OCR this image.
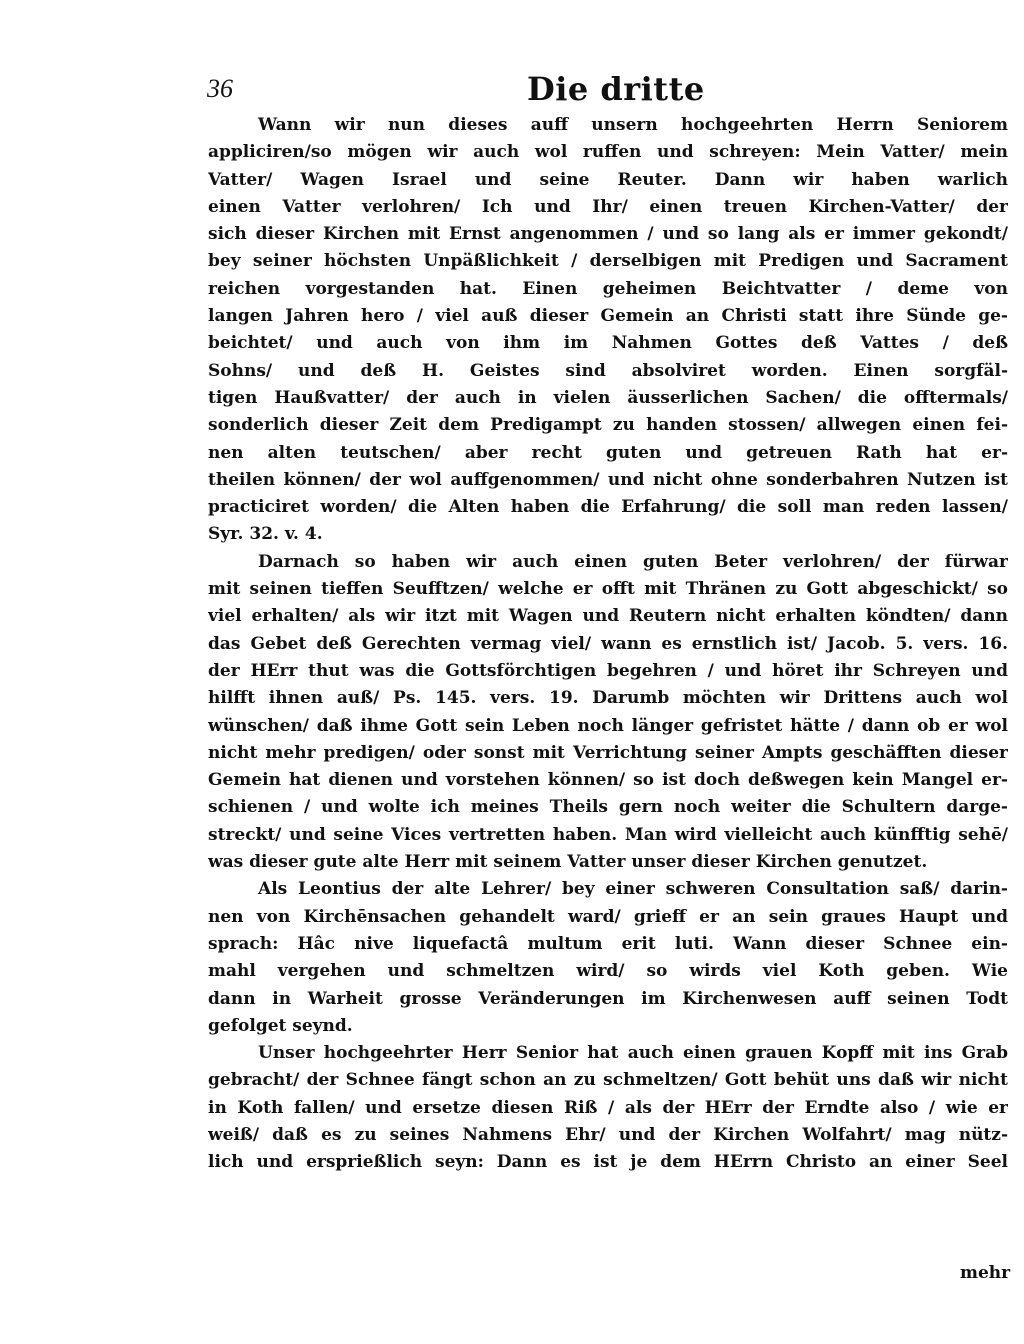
36	Die dritte
Wann wir nun dieses auff unsern hochgeehrten Herrn Seniorem
appliciren/so mögen wir auch wol ruffen und schreyen: Mein Vatter/ mein
Vatter/ Wagen Israel und seine Reuter. Dann wir haben warlich
einen Vatter verlohren/ Ich und Ihr/ einen treuen Kirchen-Vatter/ der
sich dieser Kirchen mit Ernst angenommen / und so lang als er immer gekondt/
bey seiner höchsten Unpäßlichkeit / derselbigen mit Predigen und Sacrament
reichen vorgestanden hat. Einen geheimen Beichtvatter / deme von
langen Jahren hero / viel auß dieser Gemein an Christi statt ihre Sünde ge-
beichtet/ und auch von ihm im Nahmen Gottes deß Vattes / deß
Sohns/ und deß H. Geistes sind absolviret worden. Einen sorgfäl-
tigen Haußvatter/ der auch in vielen äusserlichen Sachen/ die offtermals/
sonderlich dieser Zeit dem Predigampt zu handen stossen/ allwegen einen fei-
nen alten teutschen/ aber recht guten und getreuen Rath hat er-
theilen können/ der wol auffgenommen/ und nicht ohne sonderbahren Nutzen ist
practiciret worden/ die Alten haben die Erfahrung/ die soll man reden lassen/
Syr. 32. v. 4.
Darnach so haben wir auch einen guten Beter verlohren/ der fürwar
mit seinen tieffen Seufftzen/ welche er offt mit Thränen zu Gott abgeschickt/ so
viel erhalten/ als wir itzt mit Wagen und Reutern nicht erhalten köndten/ dann
das Gebet deß Gerechten vermag viel/ wann es ernstlich ist/ Jacob. 5. vers. 16.
der HErr thut was die Gottsförchtigen begehren / und höret ihr Schreyen und
hilfft ihnen auß/ Ps. 145. vers. 19. Darumb möchten wir Drittens auch wol
wünschen/ daß ihme Gott sein Leben noch länger gefristet hätte / dann ob er wol
nicht mehr predigen/ oder sonst mit Verrichtung seiner Ampts geschäfften dieser
Gemein hat dienen und vorstehen können/ so ist doch deßwegen kein Mangel er-
schienen / und wolte ich meines Theils gern noch weiter die Schultern darge-
streckt/ und seine Vices vertretten haben. Man wird vielleicht auch künfftig sehē/
was dieser gute alte Herr mit seinem Vatter unser dieser Kirchen genutzet.
Als Leontius der alte Lehrer/ bey einer schweren Consultation saß/ darin-
nen von Kirchēnsachen gehandelt ward/ grieff er an sein graues Haupt und
sprach: Hâc nive liquefactâ multum erit luti. Wann dieser Schnee ein-
mahl vergehen und schmeltzen wird/ so wirds viel Koth geben. Wie
dann in Warheit grosse Veränderungen im Kirchenwesen auff seinen Todt
gefolget seynd.
Unser hochgeehrter Herr Senior hat auch einen grauen Kopff mit ins Grab
gebracht/ der Schnee fängt schon an zu schmeltzen/ Gott behüt uns daß wir nicht
in Koth fallen/ und ersetze diesen Riß / als der HErr der Erndte also / wie er
weiß/ daß es zu seines Nahmens Ehr/ und der Kirchen Wolfahrt/ mag nütz-
lich und ersprießlich seyn: Dann es ist je dem HErrn Christo an einer Seel
mehr
